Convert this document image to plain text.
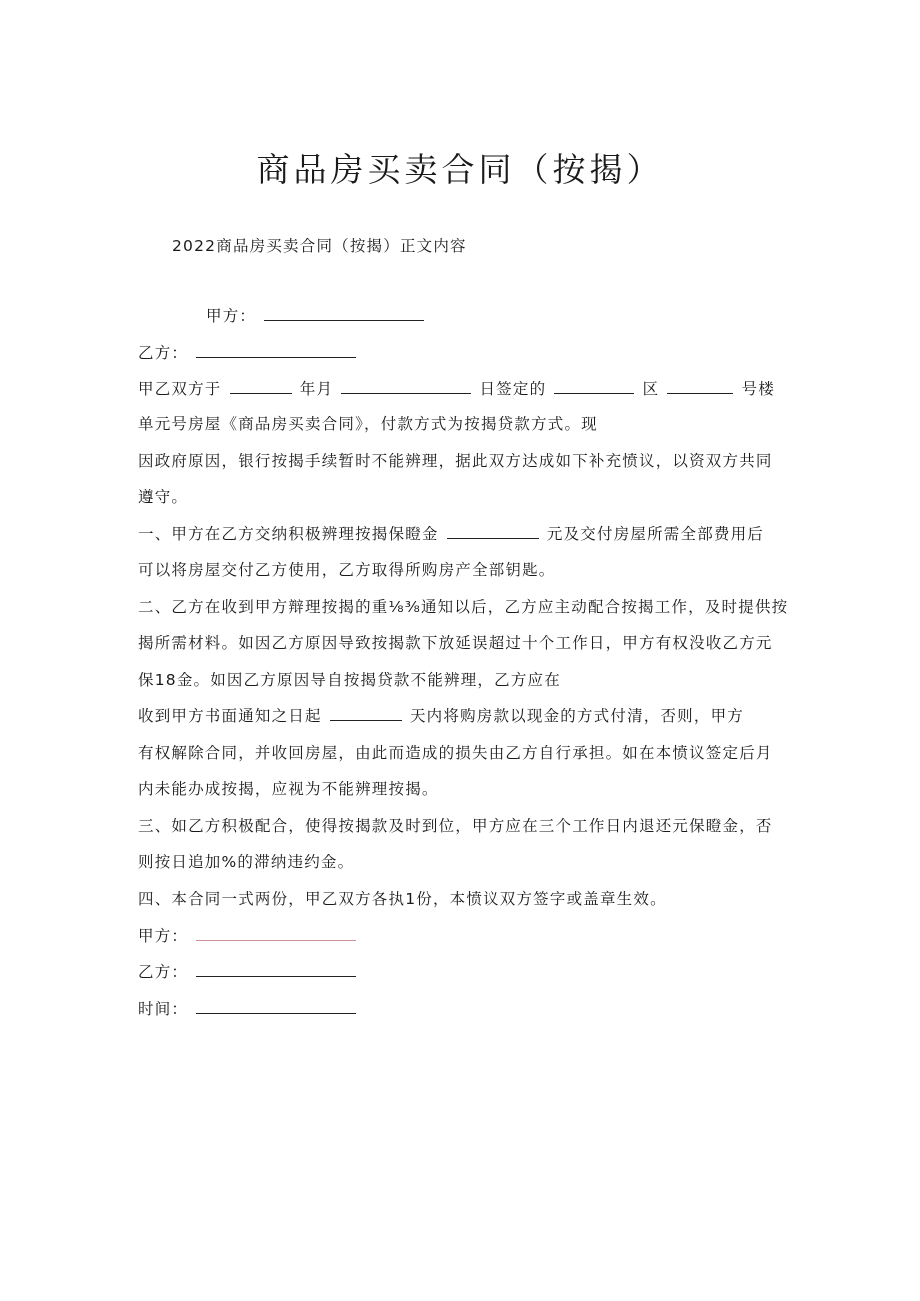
商品房买卖合同（按揭）
2022商品房买卖合同（按揭）正文内容
甲方：
乙方：
甲乙双方于	年月	日签定的	区	号楼
单元号房屋《商品房买卖合同》，付款方式为按揭贷款方式。现
因政府原因，银行按揭手续暂时不能辨理，据此双方达成如下补充愤议，以资双方共同
遵守。
一、甲方在乙方交纳积极辨理按揭保瞪金	元及交付房屋所需全部费用后
可以将房屋交付乙方使用，乙方取得所购房产全部钥匙。
二、乙方在收到甲方辩理按揭的重⅛⅜通知以后，乙方应主动配合按揭工作，及时提供按
揭所需材料。如因乙方原因导致按揭款下放延误超过十个工作日，甲方有权没收乙方元
保18金。如因乙方原因导自按揭贷款不能辨理，乙方应在
收到甲方书面通知之日起	天内将购房款以现金的方式付清，否则，甲方
有权解除合同，并收回房屋，由此而造成的损失由乙方自行承担。如在本愤议签定后月
内未能办成按揭，应视为不能辨理按揭。
三、如乙方积极配合，使得按揭款及时到位，甲方应在三个工作日内退还元保瞪金，否
则按日追加%的滞纳违约金。
四、本合同一式两份，甲乙双方各执1份，本愤议双方签字或盖章生效。
甲方：
乙方：
时间：
